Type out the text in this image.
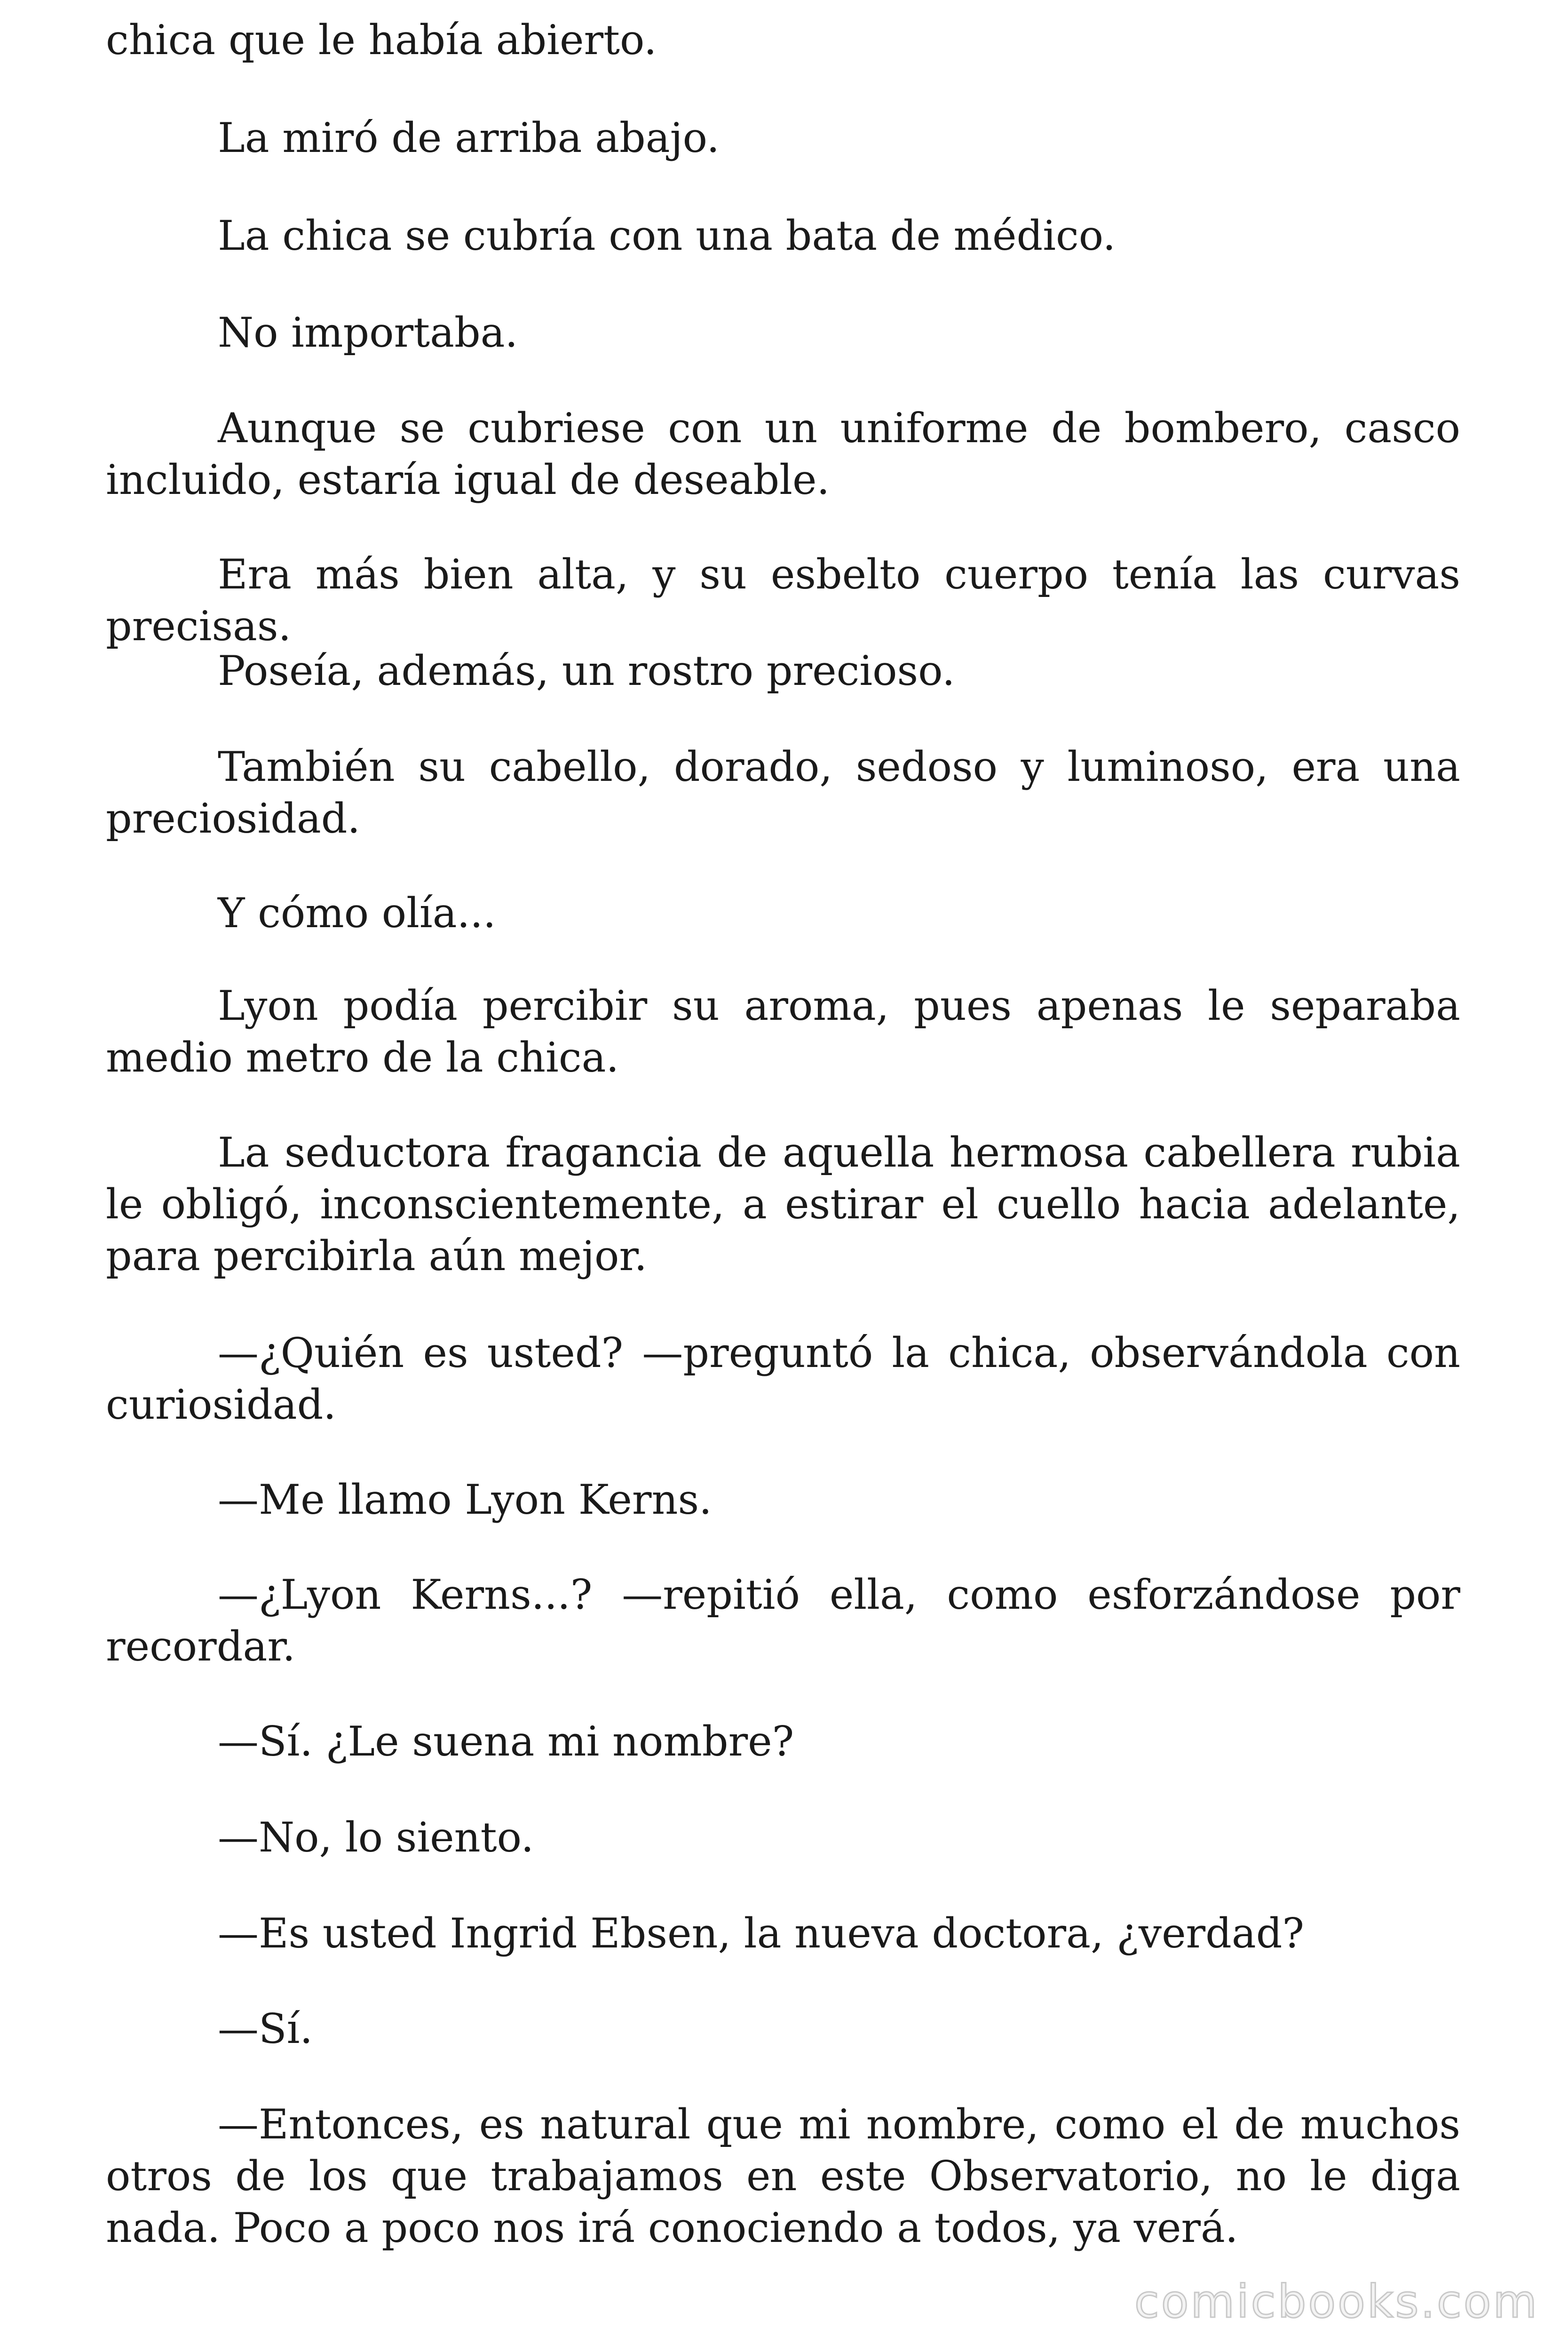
chica que le había abierto.

La miró de arriba abajo.

La chica se cubría con una bata de médico.

No importaba.

Aunque se cubriese con un uniforme de bombero, casco incluido, estaría igual de deseable.

Era más bien alta, y su esbelto cuerpo tenía las curvas precisas.

Poseía, además, un rostro precioso.

También su cabello, dorado, sedoso y luminoso, era una preciosidad.

Y cómo olía...

Lyon podía percibir su aroma, pues apenas le separaba medio metro de la chica.

La seductora fragancia de aquella hermosa cabellera rubia le obligó, inconscientemente, a estirar el cuello hacia adelante, para percibirla aún mejor.

—¿Quién es usted? —preguntó la chica, observándola con curiosidad.

—Me llamo Lyon Kerns.

—¿Lyon Kerns...? —repitió ella, como esforzándose por recordar.

—Sí. ¿Le suena mi nombre?

—No, lo siento.

—Es usted Ingrid Ebsen, la nueva doctora, ¿verdad?

—Sí.

—Entonces, es natural que mi nombre, como el de muchos otros de los que trabajamos en este Observatorio, no le diga nada. Poco a poco nos irá conociendo a todos, ya verá.

comicbooks.com
